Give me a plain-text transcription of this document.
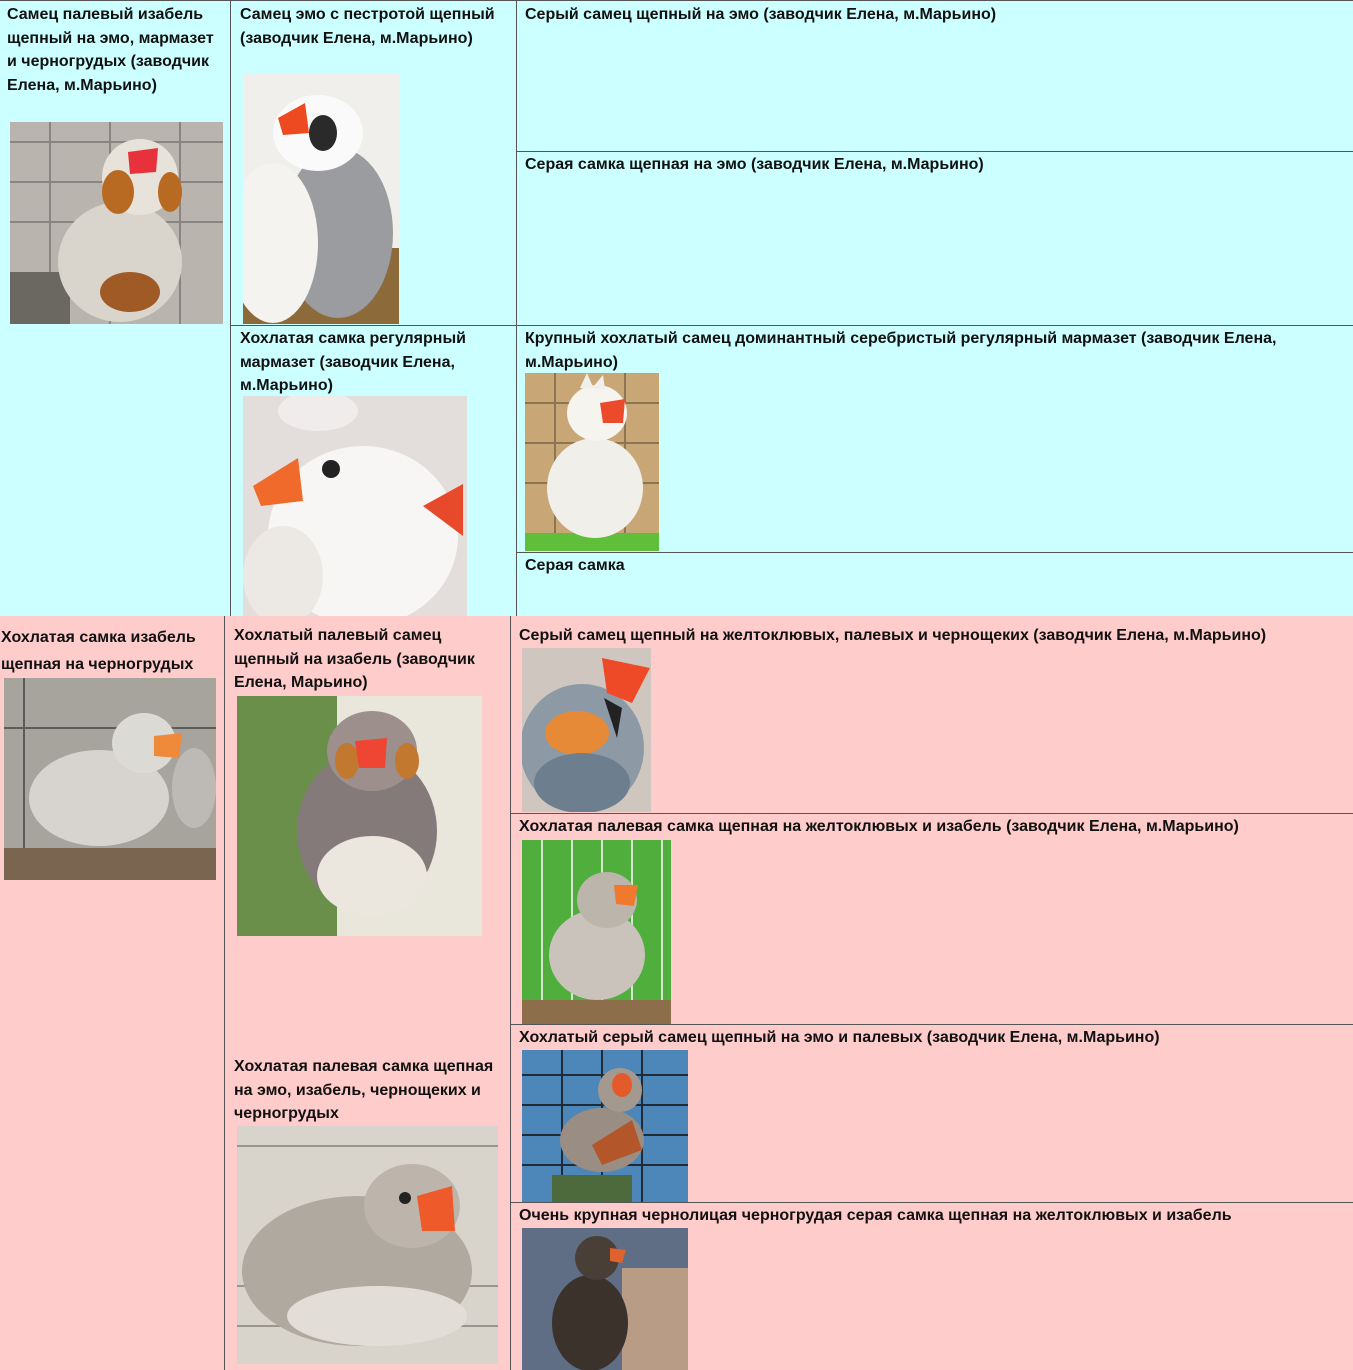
Самец палевый изабель щепный на эмо, мармазет и черногрудых (заводчик Елена, м.Марьино)
Самец эмо с пестротой щепный (заводчик Елена, м.Марьино)
Серый самец щепный на эмо (заводчик Елена, м.Марьино)
Серая самка щепная на эмо (заводчик Елена, м.Марьино)
Хохлатая самка регулярный мармазет (заводчик Елена, м.Марьино)
Крупный хохлатый самец доминантный серебристый регулярный мармазет (заводчик Елена, м.Марьино)
Серая самка
Хохлатая самка изабель щепная на черногрудых
Хохлатый палевый самец щепный на изабель (заводчик Елена, Марьино)
Хохлатая палевая самка щепная на эмо, изабель, чернощеких и черногрудых
Серый самец щепный на желтоклювых, палевых и чернощеких (заводчик Елена, м.Марьино)
Хохлатая палевая самка щепная на желтоклювых и изабель (заводчик Елена, м.Марьино)
Хохлатый серый самец щепный на эмо и палевых (заводчик Елена, м.Марьино)
Очень крупная чернолицая черногрудая серая самка щепная на желтоклювых и изабель
